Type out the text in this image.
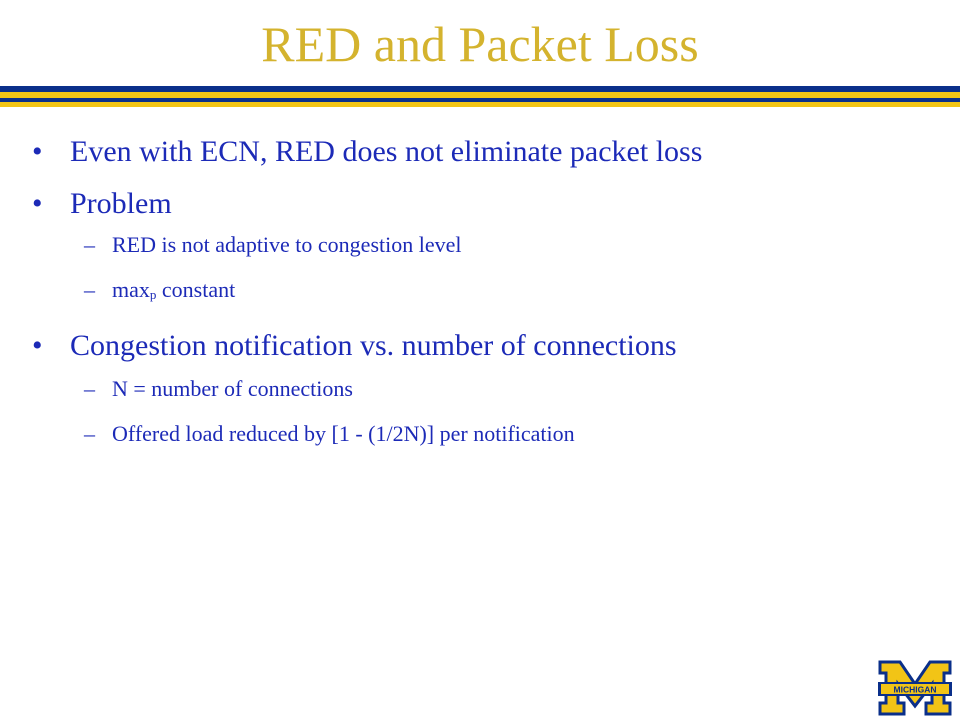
RED and Packet Loss
• Even with ECN, RED does not eliminate packet loss
• Problem
– RED is not adaptive to congestion level
– $\max_p$ constant
• Congestion notification vs. number of connections
– N = number of connections
– Offered load reduced by [1 - (1/2N)] per notification
MICHIGAN
